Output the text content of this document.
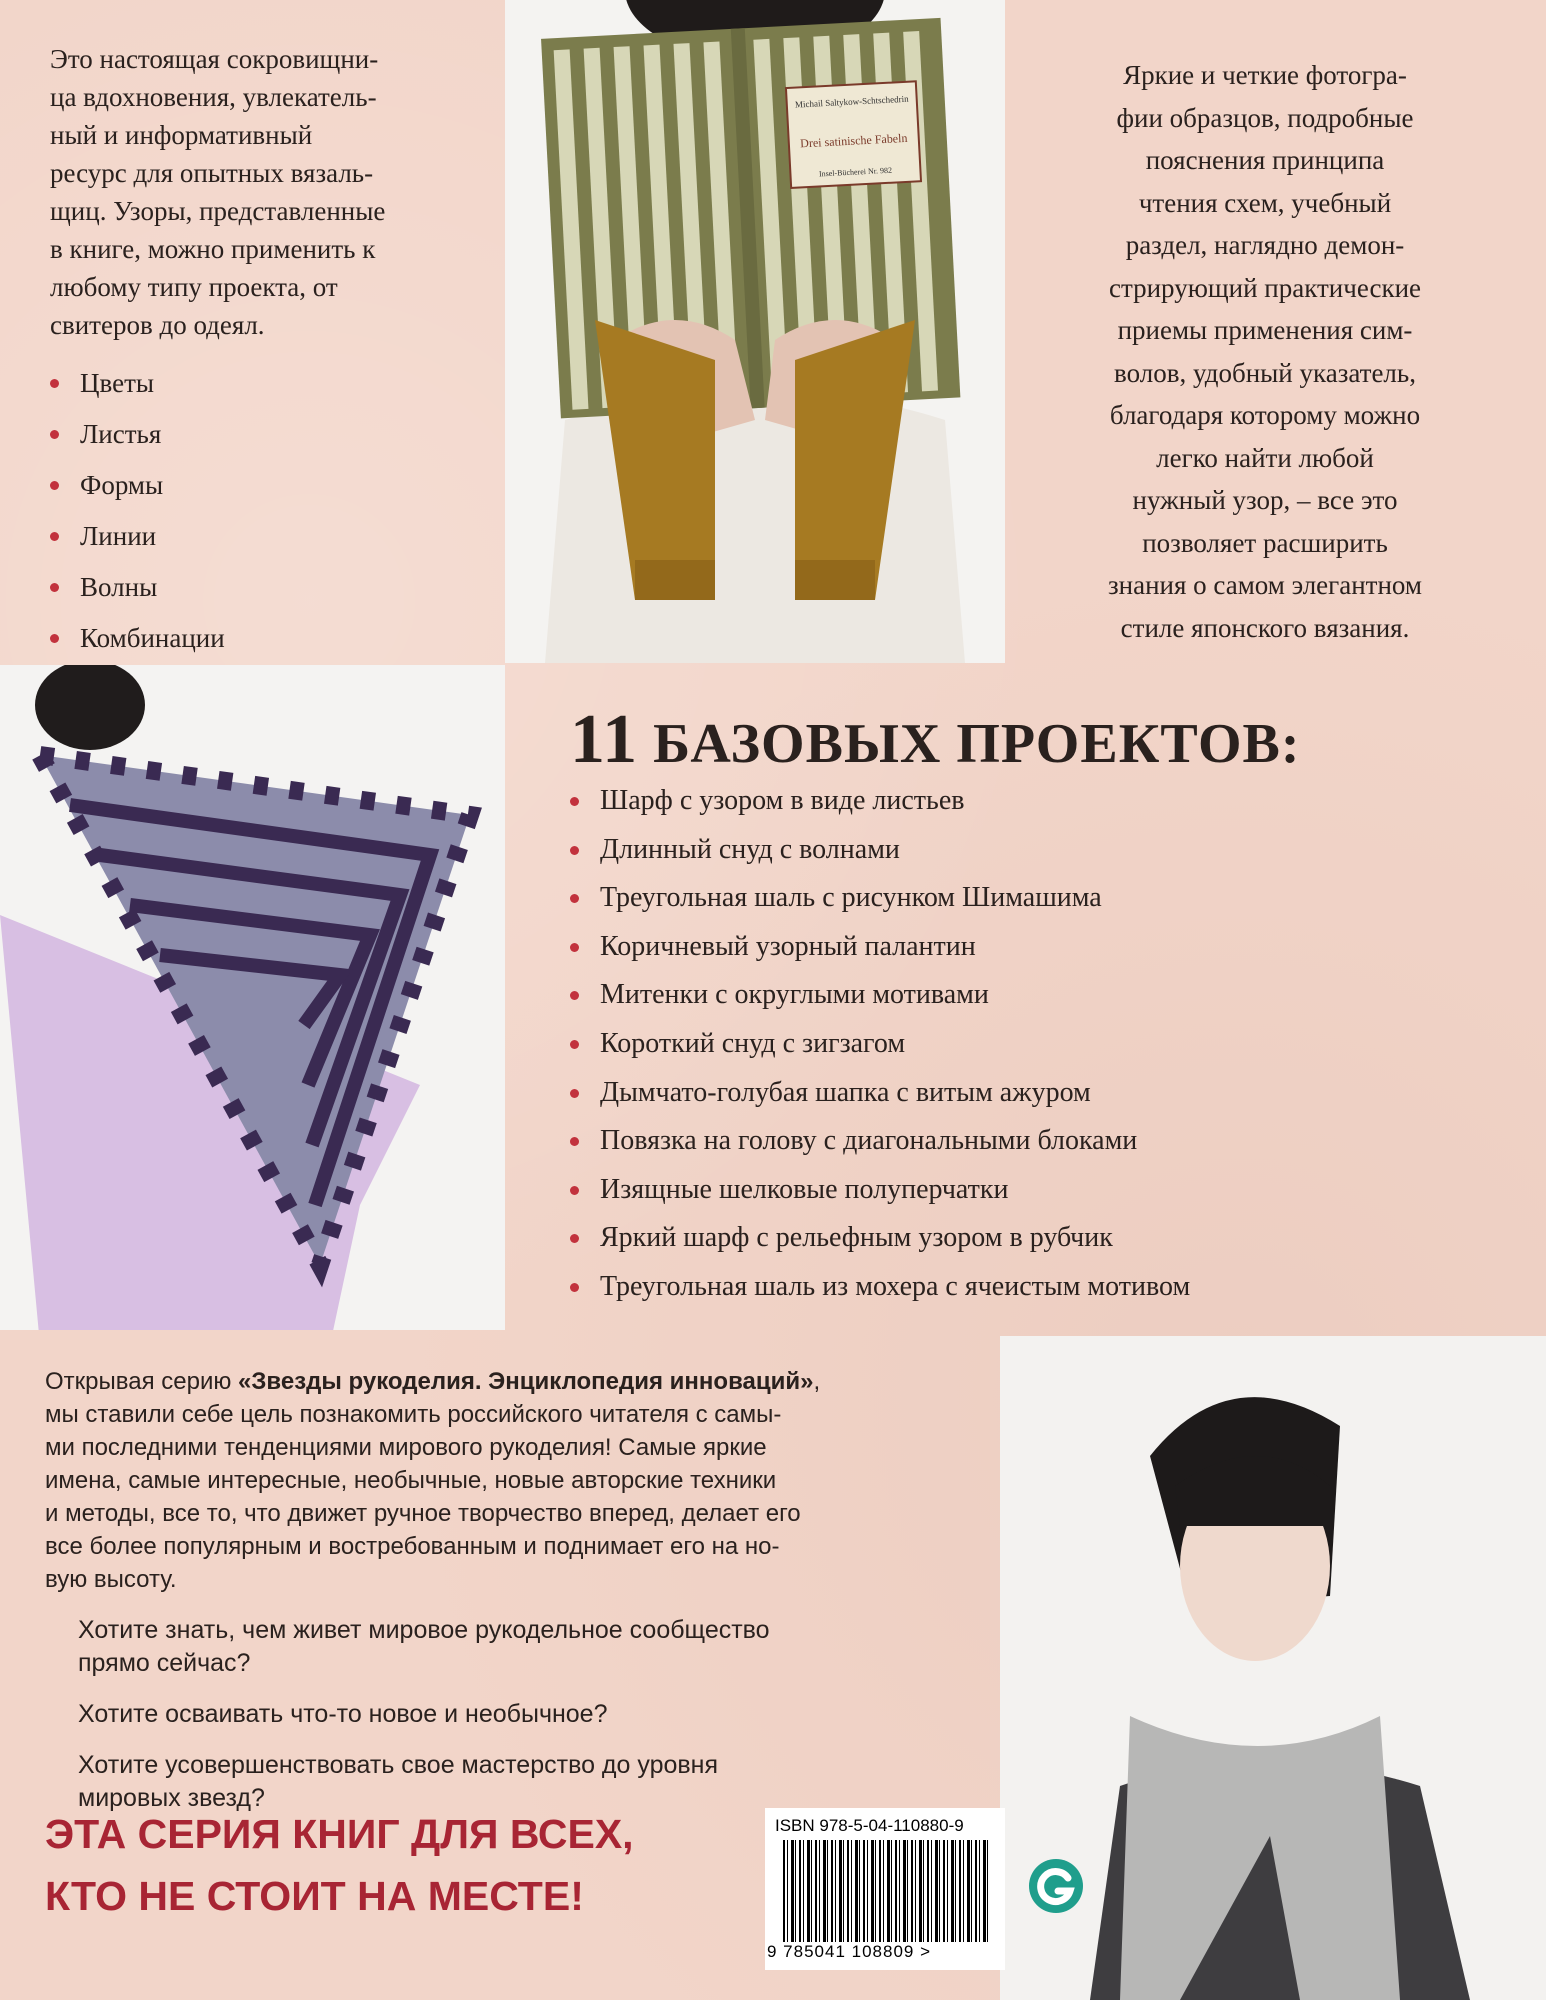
Michail Saltykow-Schtschedrin
Drei satinische Fabeln
Insel-Bücherei Nr. 982

Это настоящая сокровищни-
ца вдохновения, увлекатель-
ный и информативный
ресурс для опытных вязаль-
щиц. Узоры, представленные
в книге, можно применить к
любому типу проекта, от
свитеров до одеял.

Цветы
Листья
Формы
Линии
Волны
Комбинации
Яркие и четкие фотогра-
фии образцов, подробные
пояснения принципа
чтения схем, учебный
раздел, наглядно демон-
стрирующий практические
приемы применения сим-
волов, удобный указатель,
благодаря которому можно
легко найти любой
нужный узор, – все это
позволяет расширить
знания о самом элегантном
стиле японского вязания.
11 БАЗОВЫХ ПРОЕКТОВ:
Шарф с узором в виде листьев
Длинный снуд с волнами
Треугольная шаль с рисунком Шимашима
Коричневый узорный палантин
Митенки с округлыми мотивами
Короткий снуд с зигзагом
Дымчато-голубая шапка с витым ажуром
Повязка на голову с диагональными блоками
Изящные шелковые полуперчатки
Яркий шарф с рельефным узором в рубчик
Треугольная шаль из мохера с ячеистым мотивом

Открывая серию «Звезды рукоделия. Энциклопедия инноваций»,
мы ставили себе цель познакомить российского читателя с самы-
ми последними тенденциями мирового рукоделия! Самые яркие
имена, самые интересные, необычные, новые авторские техники
и методы, все то, что движет ручное творчество вперед, делает его
все более популярным и востребованным и поднимает его на но-
вую высоту.

Хотите знать, чем живет мировое рукодельное сообщество
прямо сейчас?

Хотите осваивать что-то новое и необычное?

Хотите усовершенствовать свое мастерство до уровня
мировых звезд?

ЭТА СЕРИЯ КНИГ ДЛЯ ВСЕХ,
КТО НЕ СТОИТ НА МЕСТЕ!
ISBN 978-5-04-110880-9
9 785041 108809 >
